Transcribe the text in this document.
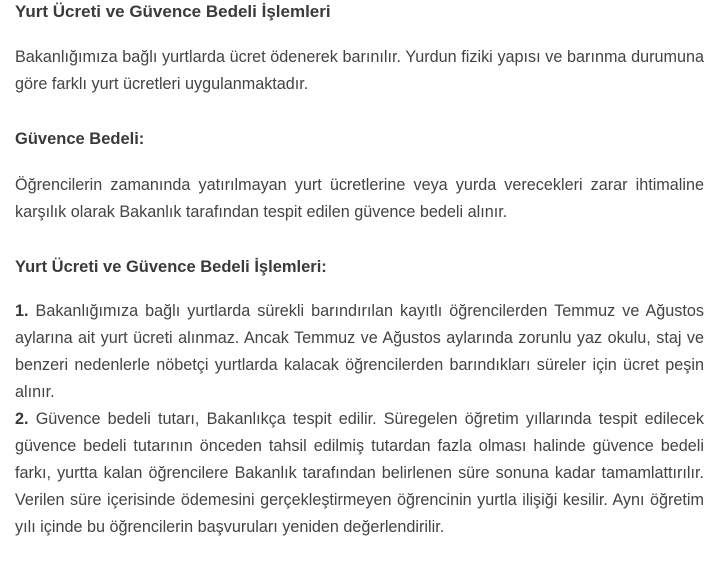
Yurt Ücreti ve Güvence Bedeli İşlemleri

Bakanlığımıza bağlı yurtlarda ücret ödenerek barınılır. Yurdun fiziki yapısı ve barınma durumuna göre farklı yurt ücretleri uygulanmaktadır.

Güvence Bedeli:

Öğrencilerin zamanında yatırılmayan yurt ücretlerine veya yurda verecekleri zarar ihtimaline karşılık olarak Bakanlık tarafından tespit edilen güvence bedeli alınır.

Yurt Ücreti ve Güvence Bedeli İşlemleri:

1. Bakanlığımıza bağlı yurtlarda sürekli barındırılan kayıtlı öğrencilerden Temmuz ve Ağustos aylarına ait yurt ücreti alınmaz. Ancak Temmuz ve Ağustos aylarında zorunlu yaz okulu, staj ve benzeri nedenlerle nöbetçi yurtlarda kalacak öğrencilerden barındıkları süreler için ücret peşin alınır.

2. Güvence bedeli tutarı, Bakanlıkça tespit edilir. Süregelen öğretim yıllarında tespit edilecek güvence bedeli tutarının önceden tahsil edilmiş tutardan fazla olması halinde güvence bedeli farkı, yurtta kalan öğrencilere Bakanlık tarafından belirlenen süre sonuna kadar tamamlattırılır. Verilen süre içerisinde ödemesini gerçekleştirmeyen öğrencinin yurtla ilişiği kesilir. Aynı öğretim yılı içinde bu öğrencilerin başvuruları yeniden değerlendirilir.
